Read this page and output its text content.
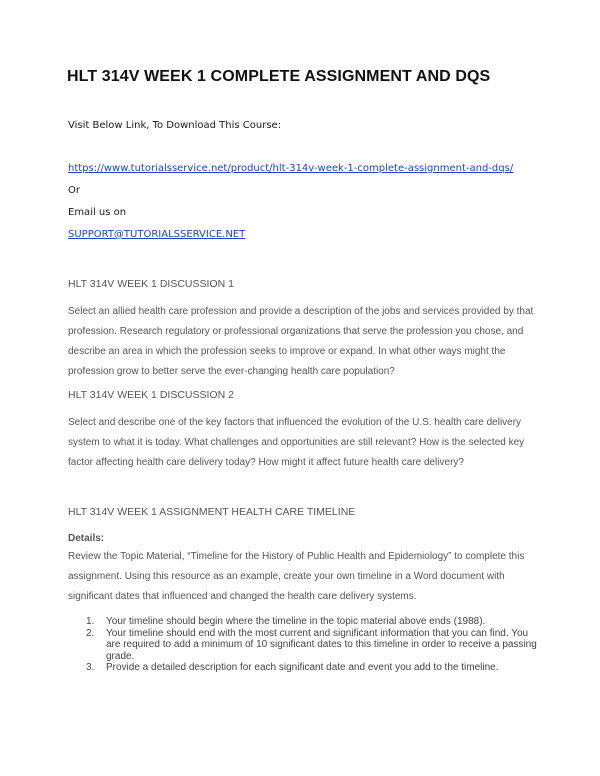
HLT 314V WEEK 1 COMPLETE ASSIGNMENT AND DQS
Visit Below Link, To Download This Course:
https://www.tutorialsservice.net/product/hlt-314v-week-1-complete-assignment-and-dqs/
Or
Email us on
SUPPORT@TUTORIALSSERVICE.NET
HLT 314V WEEK 1 DISCUSSION 1
Select an allied health care profession and provide a description of the jobs and services provided by that profession. Research regulatory or professional organizations that serve the profession you chose, and describe an area in which the profession seeks to improve or expand. In what other ways might the profession grow to better serve the ever-changing health care population?
HLT 314V WEEK 1 DISCUSSION 2
Select and describe one of the key factors that influenced the evolution of the U.S. health care delivery system to what it is today. What challenges and opportunities are still relevant? How is the selected key factor affecting health care delivery today? How might it affect future health care delivery?
HLT 314V WEEK 1 ASSIGNMENT HEALTH CARE TIMELINE
Details:
Review the Topic Material, “Timeline for the History of Public Health and Epidemiology” to complete this assignment. Using this resource as an example, create your own timeline in a Word document with significant dates that influenced and changed the health care delivery systems.
1. Your timeline should begin where the timeline in the topic material above ends (1988).
2. Your timeline should end with the most current and significant information that you can find. You are required to add a minimum of 10 significant dates to this timeline in order to receive a passing grade.
3. Provide a detailed description for each significant date and event you add to the timeline.
